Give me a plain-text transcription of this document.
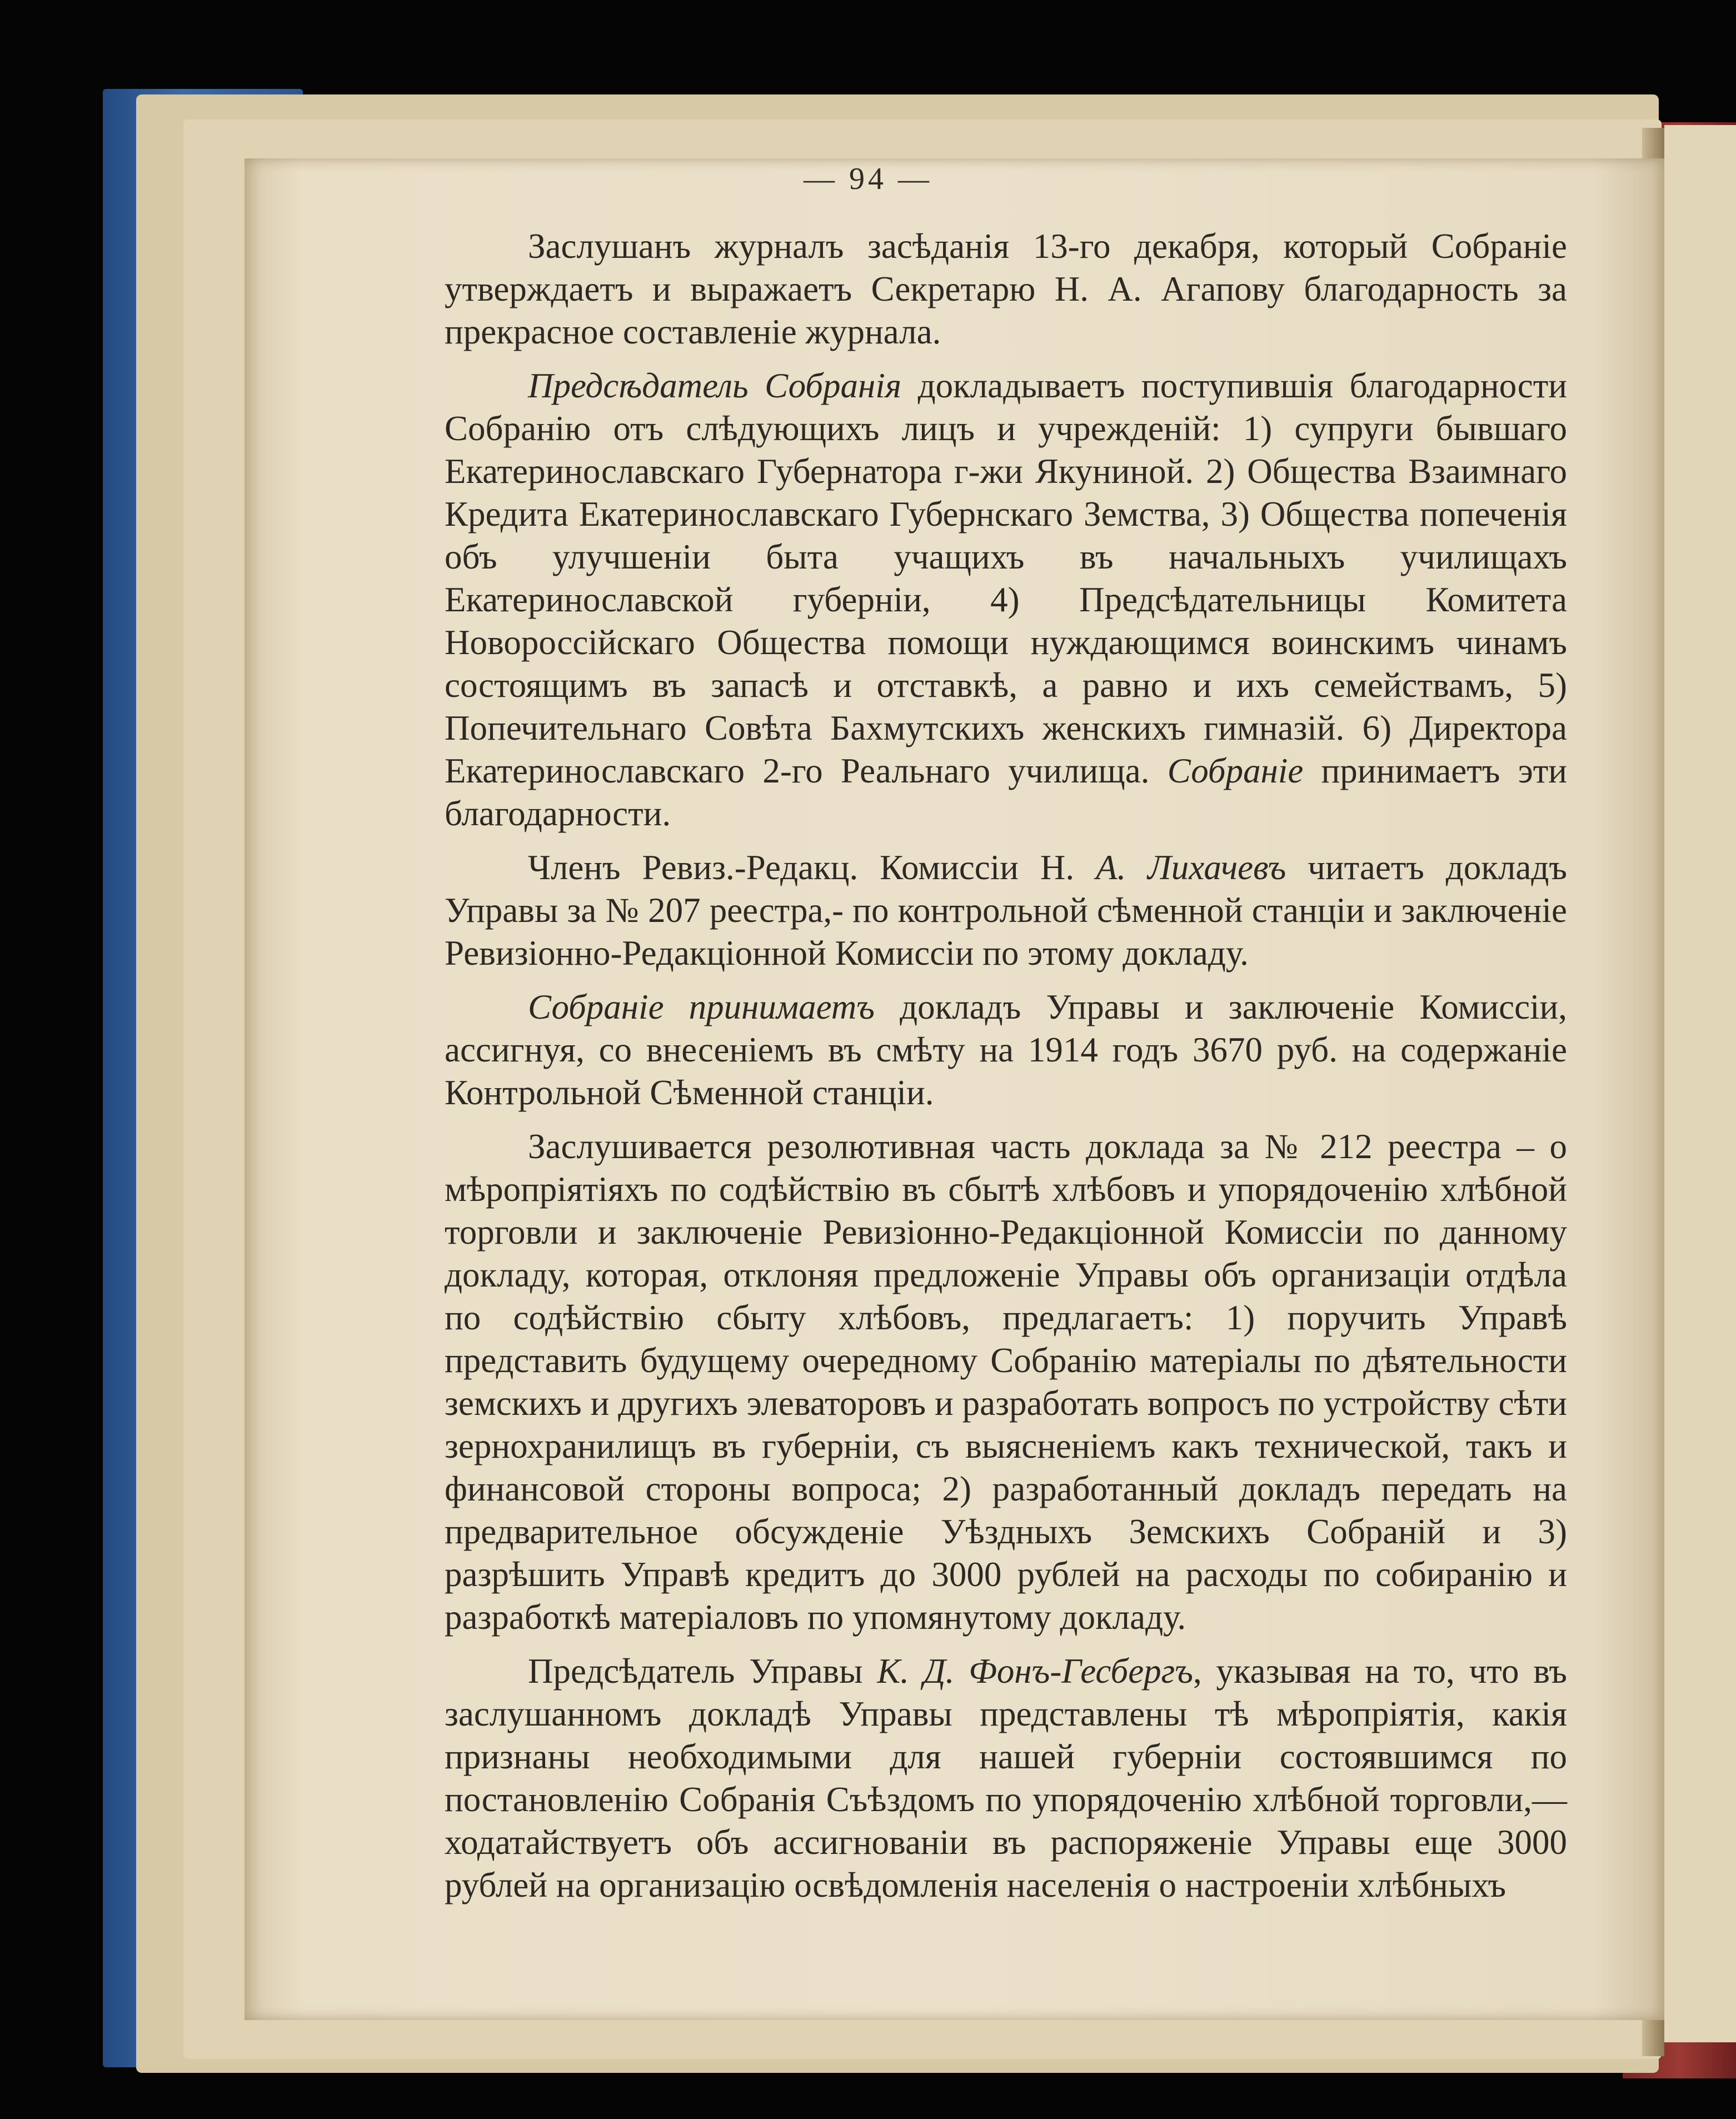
— 94 —

Заслушанъ журналъ засѣданія 13-го декабря, который Собраніе утверждаетъ и выражаетъ Секретарю Н. А. Агапову благодарность за прекрасное составленіе журнала.

Предсѣдатель Собранія докладываетъ поступившія благодарности Собранію отъ слѣдующихъ лицъ и учрежденій: 1) супруги бывшаго Екатеринославскаго Губернатора г-жи Якуниной. 2) Общества Взаимнаго Кредита Екатеринославскаго Губернскаго Земства, 3) Общества попеченія объ улучшеніи быта учащихъ въ начальныхъ училищахъ Екатеринославской губерніи, 4) Предсѣдательницы Комитета Новороссійскаго Общества помощи нуждающимся воинскимъ чинамъ состоящимъ въ запасѣ и отставкѣ, а равно и ихъ семействамъ, 5) Попечительнаго Совѣта Бахмутскихъ женскихъ гимназій. 6) Директора Екатеринославскаго 2-го Реальнаго училища. Собраніе принимаетъ эти благодарности.

Членъ Ревиз.-Редакц. Комиссіи Н. А. Лихачевъ читаетъ докладъ Управы за № 207 реестра,- по контрольной сѣменной станціи и заключеніе Ревизіонно-Редакціонной Комиссіи по этому докладу.

Собраніе принимаетъ докладъ Управы и заключеніе Комиссіи, ассигнуя, со внесеніемъ въ смѣту на 1914 годъ 3670 руб. на содержаніе Контрольной Сѣменной станціи.

Заслушивается резолютивная часть доклада за № 212 реестра – о мѣропріятіяхъ по содѣйствію въ сбытѣ хлѣбовъ и упорядоченію хлѣбной торговли и заключеніе Ревизіонно-Редакціонной Комиссіи по данному докладу, которая, отклоняя предложеніе Управы объ организаціи отдѣла по содѣйствію сбыту хлѣбовъ, предлагаетъ: 1) поручить Управѣ представить будущему очередному Собранію матеріалы по дѣятельности земскихъ и другихъ элеваторовъ и разработать вопросъ по устройству сѣти зернохранилищъ въ губерніи, съ выясненіемъ какъ технической, такъ и финансовой стороны вопроса; 2) разработанный докладъ передать на предварительное обсужденіе Уѣздныхъ Земскихъ Собраній и 3) разрѣшить Управѣ кредитъ до 3000 рублей на расходы по собиранію и разработкѣ матеріаловъ по упомянутому докладу.

Предсѣдатель Управы К. Д. Фонъ-Гесбергъ, указывая на то, что въ заслушанномъ докладѣ Управы представлены тѣ мѣропріятія, какія признаны необходимыми для нашей губерніи состоявшимся по постановленію Собранія Съѣздомъ по упорядоченію хлѣбной торговли,—ходатайствуетъ объ ассигнованіи въ распоряженіе Управы еще 3000 рублей на организацію освѣдомленія населенія о настроеніи хлѣбныхъ
